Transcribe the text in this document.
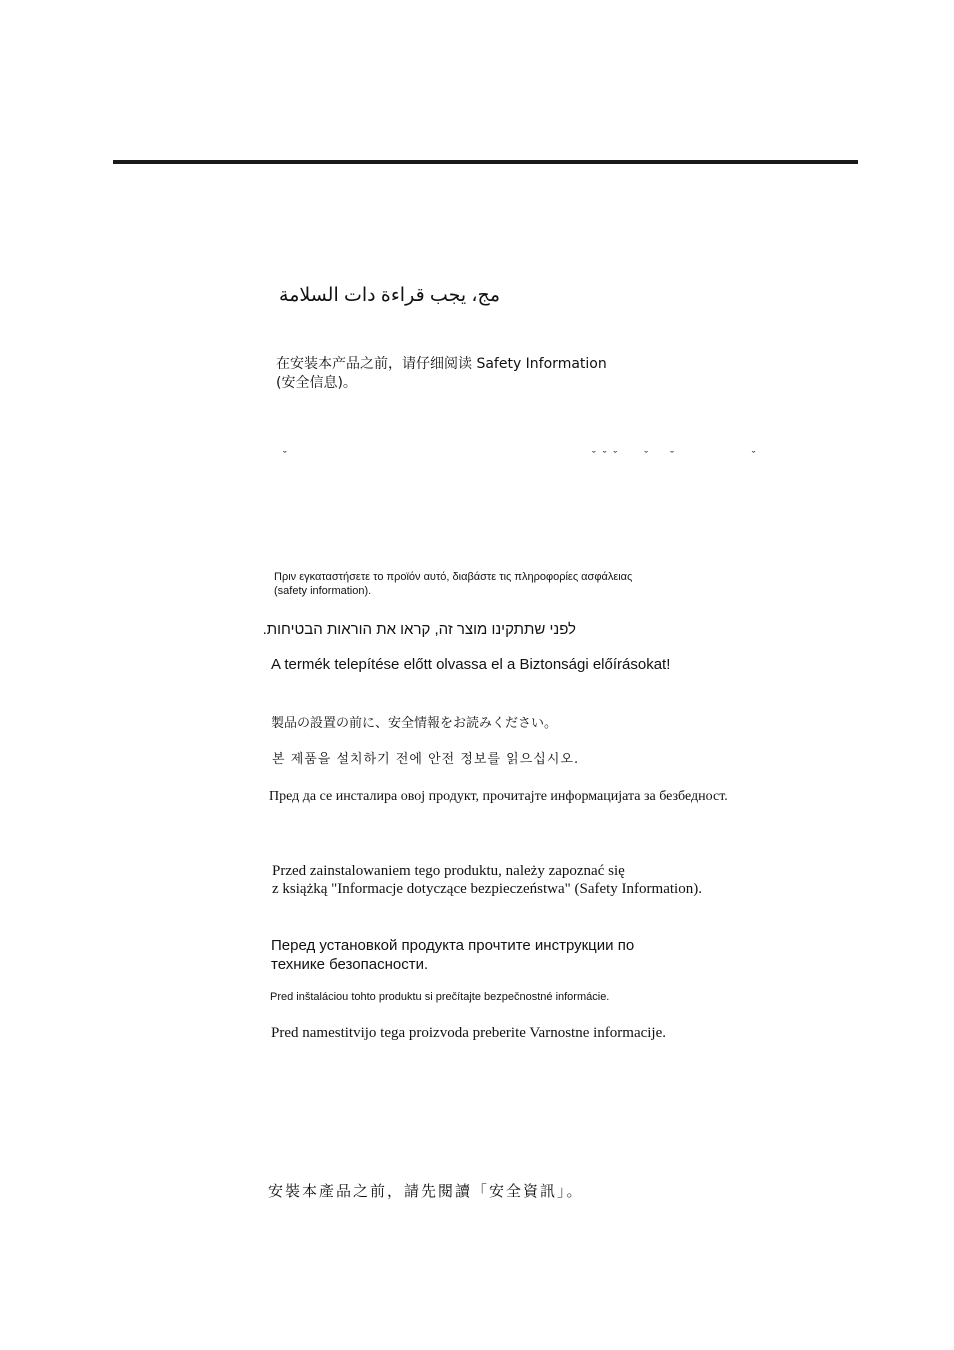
مج، يجب قراءة دات السلامة

在安装本产品之前，请仔细阅读 Safety Information

(安全信息)。

ˇ                                                            ˇ ˇ ˇ     ˇ    ˇ               ˇ

Πριν εγκαταστήσετε το προϊόν αυτό, διαβάστε τις πληροφορίες ασφάλειας

(safety information).

לפני שתתקינו מוצר זה, קראו את הוראות הבטיחות.

A termék telepítése előtt olvassa el a Biztonsági előírásokat!

製品の設置の前に、安全情報をお読みください。

본 제품을 설치하기 전에 안전 정보를 읽으십시오.

Пред да се инсталира овој продукт, прочитајте информацијата за безбедност.

Przed zainstalowaniem tego produktu, należy zapoznać się

z książką "Informacje dotyczące bezpieczeństwa" (Safety Information).

Перед установкой продукта прочтите инструкции по

технике безопасности.

Pred inštaláciou tohto produktu si prečítajte bezpečnostné informácie.

Pred namestitvijo tega proizvoda preberite Varnostne informacije.

安裝本產品之前，請先閱讀「安全資訊」。
